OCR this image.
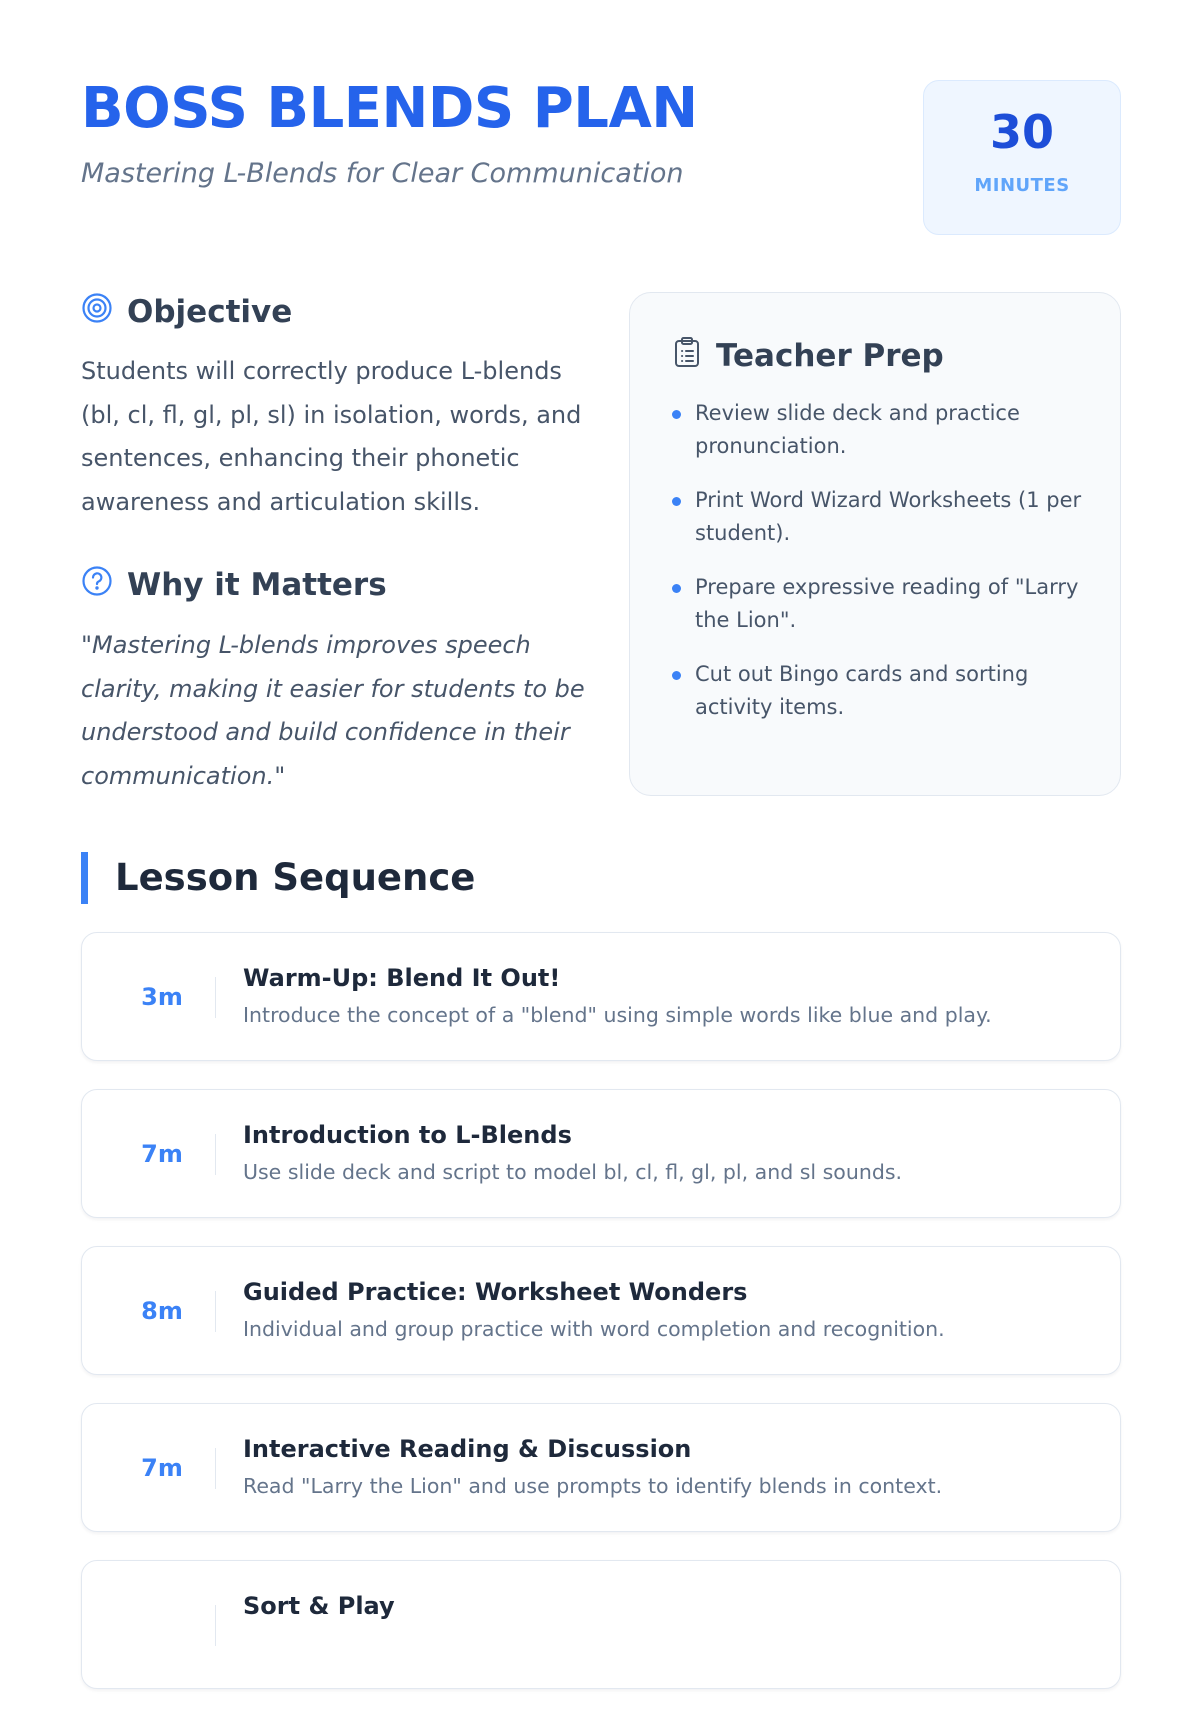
BOSS BLENDS PLAN
Mastering L-Blends for Clear Communication
30
MINUTES
Objective

Students will correctly produce L-blends (bl, cl, fl, gl, pl, sl) in isolation, words, and sentences, enhancing their phonetic awareness and articulation skills.

Why it Matters

"Mastering L-blends improves speech clarity, making it easier for students to be understood and build confidence in their communication."

Teacher Prep
Review slide deck and practice pronunciation.
Print Word Wizard Worksheets (1 per student).
Prepare expressive reading of "Larry the Lion".
Cut out Bingo cards and sorting activity items.
Lesson Sequence
3m
Warm-Up: Blend It Out!
Introduce the concept of a "blend" using simple words like blue and play.
7m
Introduction to L-Blends
Use slide deck and script to model bl, cl, fl, gl, pl, and sl sounds.
8m
Guided Practice: Worksheet Wonders
Individual and group practice with word completion and recognition.
7m
Interactive Reading & Discussion
Read "Larry the Lion" and use prompts to identify blends in context.
Sort & Play
